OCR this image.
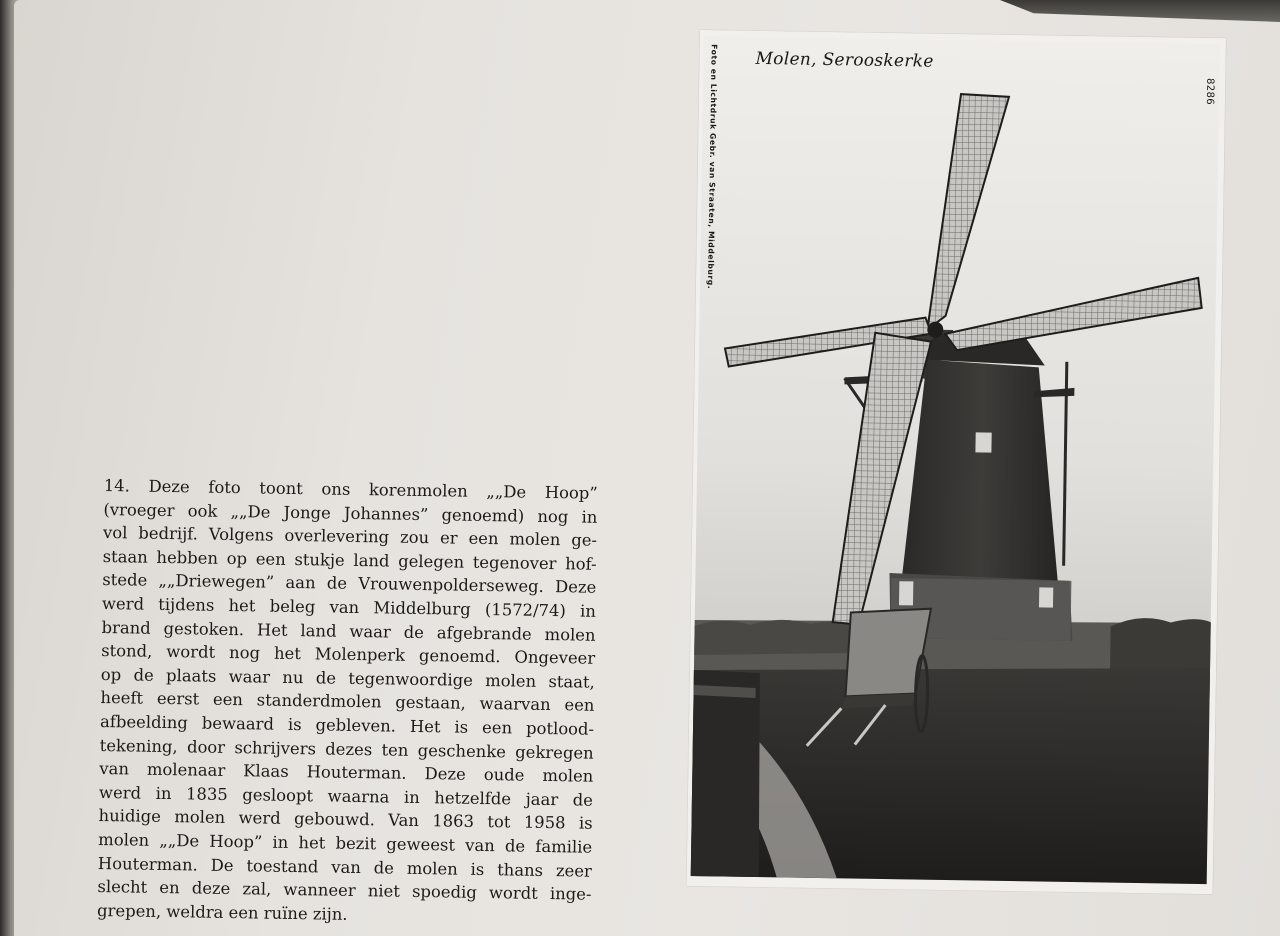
14. Deze foto toont ons korenmolen „„De Hoop”
(vroeger ook „„De Jonge Johannes” genoemd) nog in
vol bedrijf. Volgens overlevering zou er een molen ge-
staan hebben op een stukje land gelegen tegenover hof-
stede „„Driewegen” aan de Vrouwenpolderseweg. Deze
werd tijdens het beleg van Middelburg (1572/74) in
brand gestoken. Het land waar de afgebrande molen
stond, wordt nog het Molenperk genoemd. Ongeveer
op de plaats waar nu de tegenwoordige molen staat,
heeft eerst een standerdmolen gestaan, waarvan een
afbeelding bewaard is gebleven. Het is een potlood-
tekening, door schrijvers dezes ten geschenke gekregen
van molenaar Klaas Houterman. Deze oude molen
werd in 1835 gesloopt waarna in hetzelfde jaar de
huidige molen werd gebouwd. Van 1863 tot 1958 is
molen „„De Hoop” in het bezit geweest van de familie
Houterman. De toestand van de molen is thans zeer
slecht en deze zal, wanneer niet spoedig wordt inge-
grepen, weldra een ruïne zijn.
Molen, Serooskerke
Foto en Lichtdruk Gebr. van Straaten, Middelburg.	8286
